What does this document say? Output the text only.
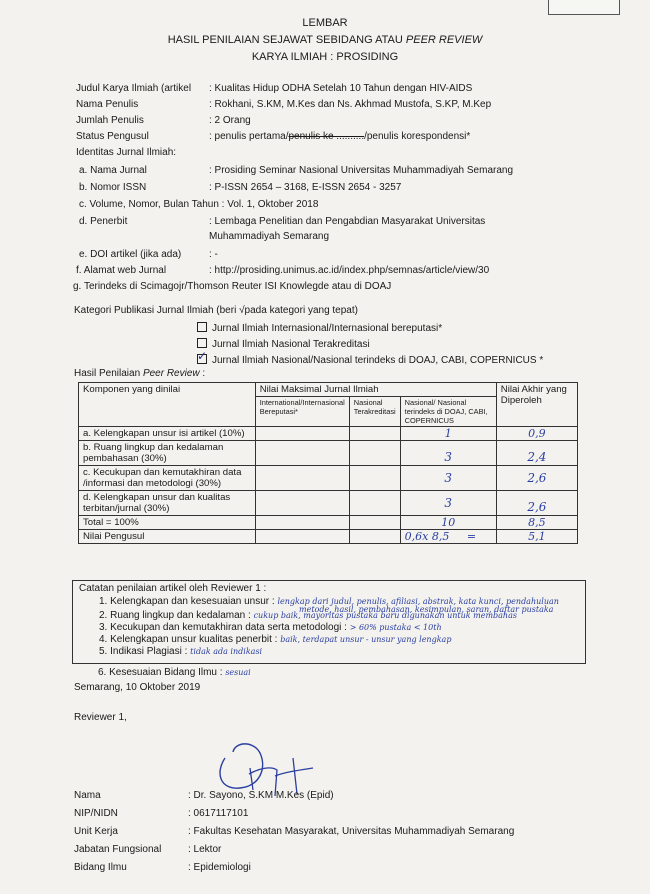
LEMBAR
HASIL PENILAIAN SEJAWAT SEBIDANG ATAU PEER REVIEW
KARYA ILMIAH : PROSIDING
Judul Karya Ilmiah (artikel : Kualitas Hidup ODHA Setelah 10 Tahun dengan HIV-AIDS
Nama Penulis	: Rokhani, S.KM, M.Kes dan Ns. Akhmad Mustofa, S.KP, M.Kep
Jumlah Penulis	: 2 Orang
Status Pengusul	: penulis pertama/penulis ke ........../penulis korespondensi*
Identitas Jurnal Ilmiah:
a. Nama Jurnal	: Prosiding Seminar Nasional Universitas Muhammadiyah Semarang
b. Nomor ISSN	: P-ISSN 2654 – 3168, E-ISSN 2654 - 3257
c. Volume, Nomor, Bulan Tahun : Vol. 1, Oktober 2018
d. Penerbit	: Lembaga Penelitian dan Pengabdian Masyarakat Universitas
Muhammadiyah Semarang
e. DOI artikel (jika ada)	: -
f. Alamat web Jurnal	: http://prosiding.unimus.ac.id/index.php/semnas/article/view/30
g. Terindeks di Scimagojr/Thomson Reuter ISI Knowlegde atau di DOAJ
Kategori Publikasi Jurnal Ilmiah (beri √pada kategori yang tepat)
Jurnal Ilmiah Internasional/Internasional bereputasi*
Jurnal Ilmiah Nasional Terakreditasi
✓ Jurnal Ilmiah Nasional/Nasional terindeks di DOAJ, CABI, COPERNICUS *
Hasil Penilaian Peer Review :
Komponen yang dinilai	Nilai Maksimal Jurnal Ilmiah			Nilai Akhir yang Diperoleh
	International/Internasional Bereputasi*	Nasional Terakreditasi	Nasional/ Nasional terindeks di DOAJ, CABI, COPERNICUS	
a. Kelengkapan unsur isi artikel (10%)			1	0,9
b. Ruang lingkup dan kedalaman pembahasan (30%)			3	2,4
c. Kecukupan dan kemutakhiran data /informasi dan metodologi (30%)			3	2,6
d. Kelengkapan unsur dan kualitas terbitan/jurnal (30%)			3	2,6
Total = 100%			10	8,5
Nilai Pengusul			0,6x 8,5 =	5,1
Catatan penilaian artikel oleh Reviewer 1 :
1. Kelengkapan dan kesesuaian unsur : lengkap dari judul, penulis, afiliasi, abstrak, kata kunci, pendahuluan
metode, hasil, pembahasan, kesimpulan, saran, daftar pustaka
2. Ruang lingkup dan kedalaman : cukup baik, mayoritas pustaka baru digunakan untuk membahas
3. Kecukupan dan kemutakhiran data serta metodologi : > 60% pustaka < 10th
4. Kelengkapan unsur kualitas penerbit : baik, terdapat unsur - unsur yang lengkap
5. Indikasi Plagiasi : tidak ada indikasi
6. Kesesuaian Bidang Ilmu : sesuai
Semarang, 10 Oktober 2019
Reviewer 1,
Nama	: Dr. Sayono, S.KM M.Kes (Epid)
NIP/NIDN	: 0617117101
Unit Kerja	: Fakultas Kesehatan Masyarakat, Universitas Muhammadiyah Semarang
Jabatan Fungsional	: Lektor
Bidang Ilmu	: Epidemiologi
